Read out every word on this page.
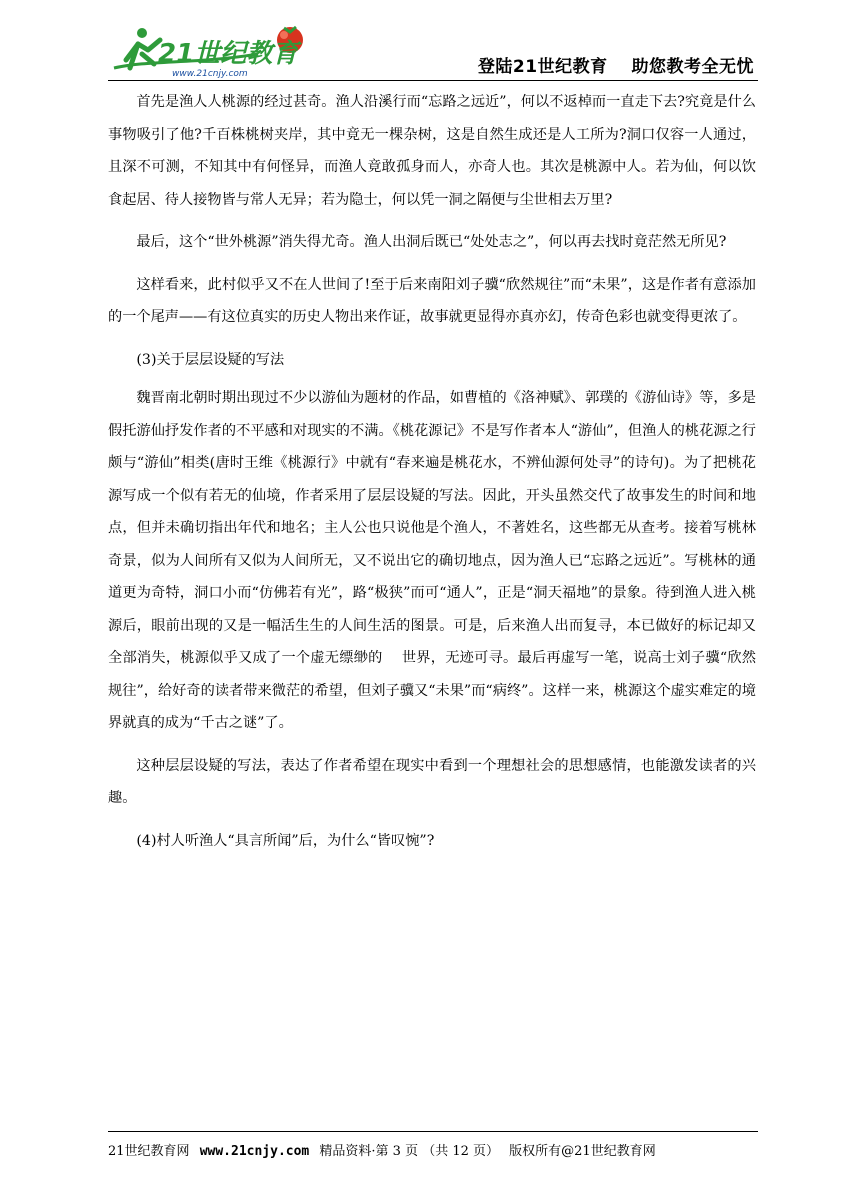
21世纪教育
www.21cnjy.com	登陆21世纪教育　 助您教考全无忧

首先是渔人人桃源的经过甚奇。渔人沿溪行而“忘路之远近”，何以不返棹而一直走下去?究竟是什么事物吸引了他?千百株桃树夹岸，其中竟无一棵杂树，这是自然生成还是人工所为?洞口仅容一人通过，且深不可测，不知其中有何怪异，而渔人竟敢孤身而人，亦奇人也。其次是桃源中人。若为仙，何以饮食起居、待人接物皆与常人无异；若为隐士，何以凭一洞之隔便与尘世相去万里?

最后，这个“世外桃源”消失得尤奇。渔人出洞后既已“处处志之”，何以再去找时竟茫然无所见?

这样看来，此村似乎又不在人世间了!至于后来南阳刘子骥“欣然规往”而“未果”，这是作者有意添加的一个尾声——有这位真实的历史人物出来作证，故事就更显得亦真亦幻，传奇色彩也就变得更浓了。

(3)关于层层设疑的写法

魏晋南北朝时期出现过不少以游仙为题材的作品，如曹植的《洛神赋》、郭璞的《游仙诗》等，多是假托游仙抒发作者的不平感和对现实的不满。《桃花源记》不是写作者本人“游仙”，但渔人的桃花源之行颇与“游仙”相类(唐时王维《桃源行》中就有“春来遍是桃花水，不辨仙源何处寻”的诗句)。为了把桃花源写成一个似有若无的仙境，作者采用了层层设疑的写法。因此，开头虽然交代了故事发生的时间和地点，但并未确切指出年代和地名；主人公也只说他是个渔人，不著姓名，这些都无从查考。接着写桃林奇景，似为人间所有又似为人间所无，又不说出它的确切地点，因为渔人已“忘路之远近”。写桃林的通道更为奇特，洞口小而“仿佛若有光”，路“极狭”而可“通人”，正是“洞天福地”的景象。待到渔人进入桃源后，眼前出现的又是一幅活生生的人间生活的图景。可是，后来渔人出而复寻，本已做好的标记却又全部消失，桃源似乎又成了一个虚无缥缈的　 世界，无迹可寻。最后再虚写一笔，说高士刘子骥“欣然规往”，给好奇的读者带来微茫的希望，但刘子骥又“未果”而“病终”。这样一来，桃源这个虚实难定的境界就真的成为“千古之谜”了。

这种层层设疑的写法，表达了作者希望在现实中看到一个理想社会的思想感情，也能激发读者的兴趣。

(4)村人听渔人“具言所闻”后，为什么“皆叹惋”?

21世纪教育网 www.21cnjy.com 精品资料·第 3 页 （共 12 页） 版权所有@21世纪教育网
